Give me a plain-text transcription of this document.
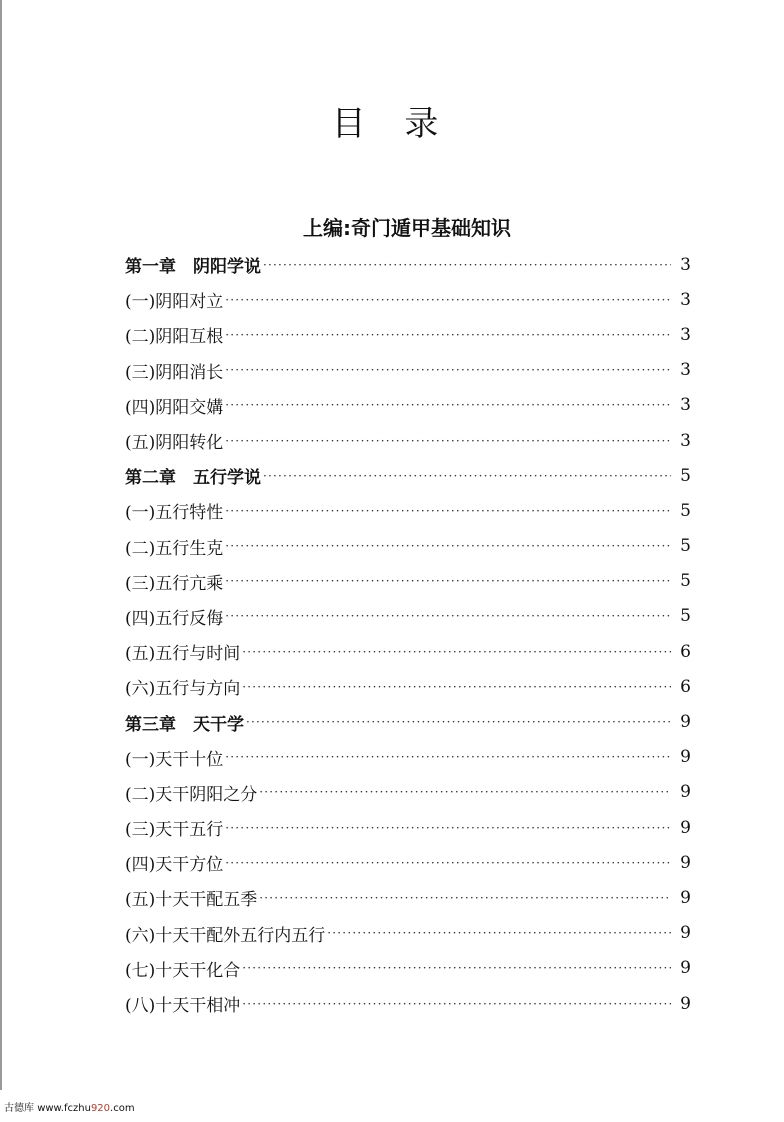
目 录
上编:奇门遁甲基础知识
第一章　阴阳学说 ·····	3
(一)阴阳对立 ·····	3
(二)阴阳互根 ·····	3
(三)阴阳消长 ·····	3
(四)阴阳交媾 ·····	3
(五)阴阳转化 ·····	3
第二章　五行学说 ·····	5
(一)五行特性 ·····	5
(二)五行生克 ·····	5
(三)五行亢乘 ·····	5
(四)五行反侮 ·····	5
(五)五行与时间 ·····	6
(六)五行与方向 ·····	6
第三章　天干学 ·····	9
(一)天干十位 ·····	9
(二)天干阴阳之分 ·····	9
(三)天干五行 ·····	9
(四)天干方位 ·····	9
(五)十天干配五季 ·····	9
(六)十天干配外五行内五行 ·····	9
(七)十天干化合 ·····	9
(八)十天干相冲 ·····	9
古德库 www.fczhu920.com
